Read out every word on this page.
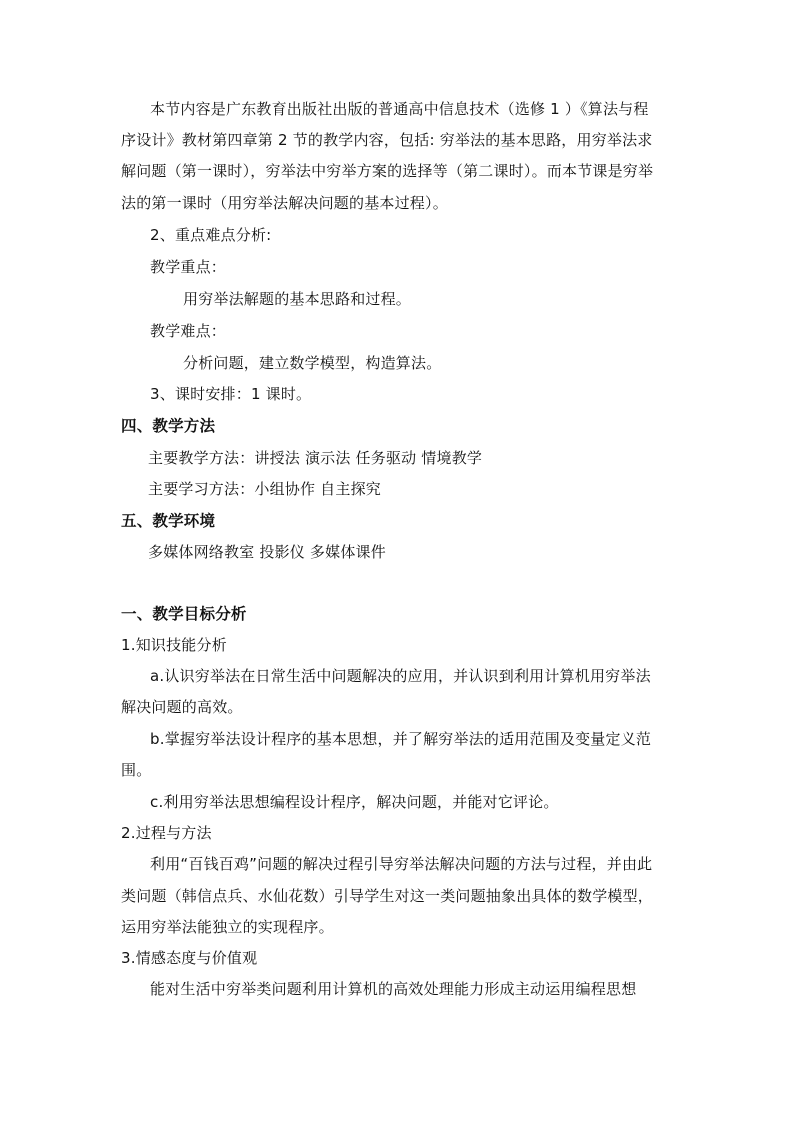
本节内容是广东教育出版社出版的普通高中信息技术（选修 1 ）《算法与程
序设计》教材第四章第 2 节的教学内容，包括: 穷举法的基本思路，用穷举法求
解问题（第一课时），穷举法中穷举方案的选择等（第二课时）。而本节课是穷举
法的第一课时（用穷举法解决问题的基本过程）。
2、重点难点分析:
教学重点：
用穷举法解题的基本思路和过程。
教学难点：
分析问题，建立数学模型，构造算法。
3、课时安排：1 课时。
四、教学方法
主要教学方法：讲授法 演示法 任务驱动 情境教学
主要学习方法：小组协作 自主探究
五、教学环境
多媒体网络教室 投影仪 多媒体课件
一、教学目标分析
1.知识技能分析
a.认识穷举法在日常生活中问题解决的应用，并认识到利用计算机用穷举法
解决问题的高效。
b.掌握穷举法设计程序的基本思想，并了解穷举法的适用范围及变量定义范
围。
c.利用穷举法思想编程设计程序，解决问题，并能对它评论。
2.过程与方法
利用“百钱百鸡”问题的解决过程引导穷举法解决问题的方法与过程，并由此
类问题（韩信点兵、水仙花数）引导学生对这一类问题抽象出具体的数学模型，
运用穷举法能独立的实现程序。
3.情感态度与价值观
能对生活中穷举类问题利用计算机的高效处理能力形成主动运用编程思想
